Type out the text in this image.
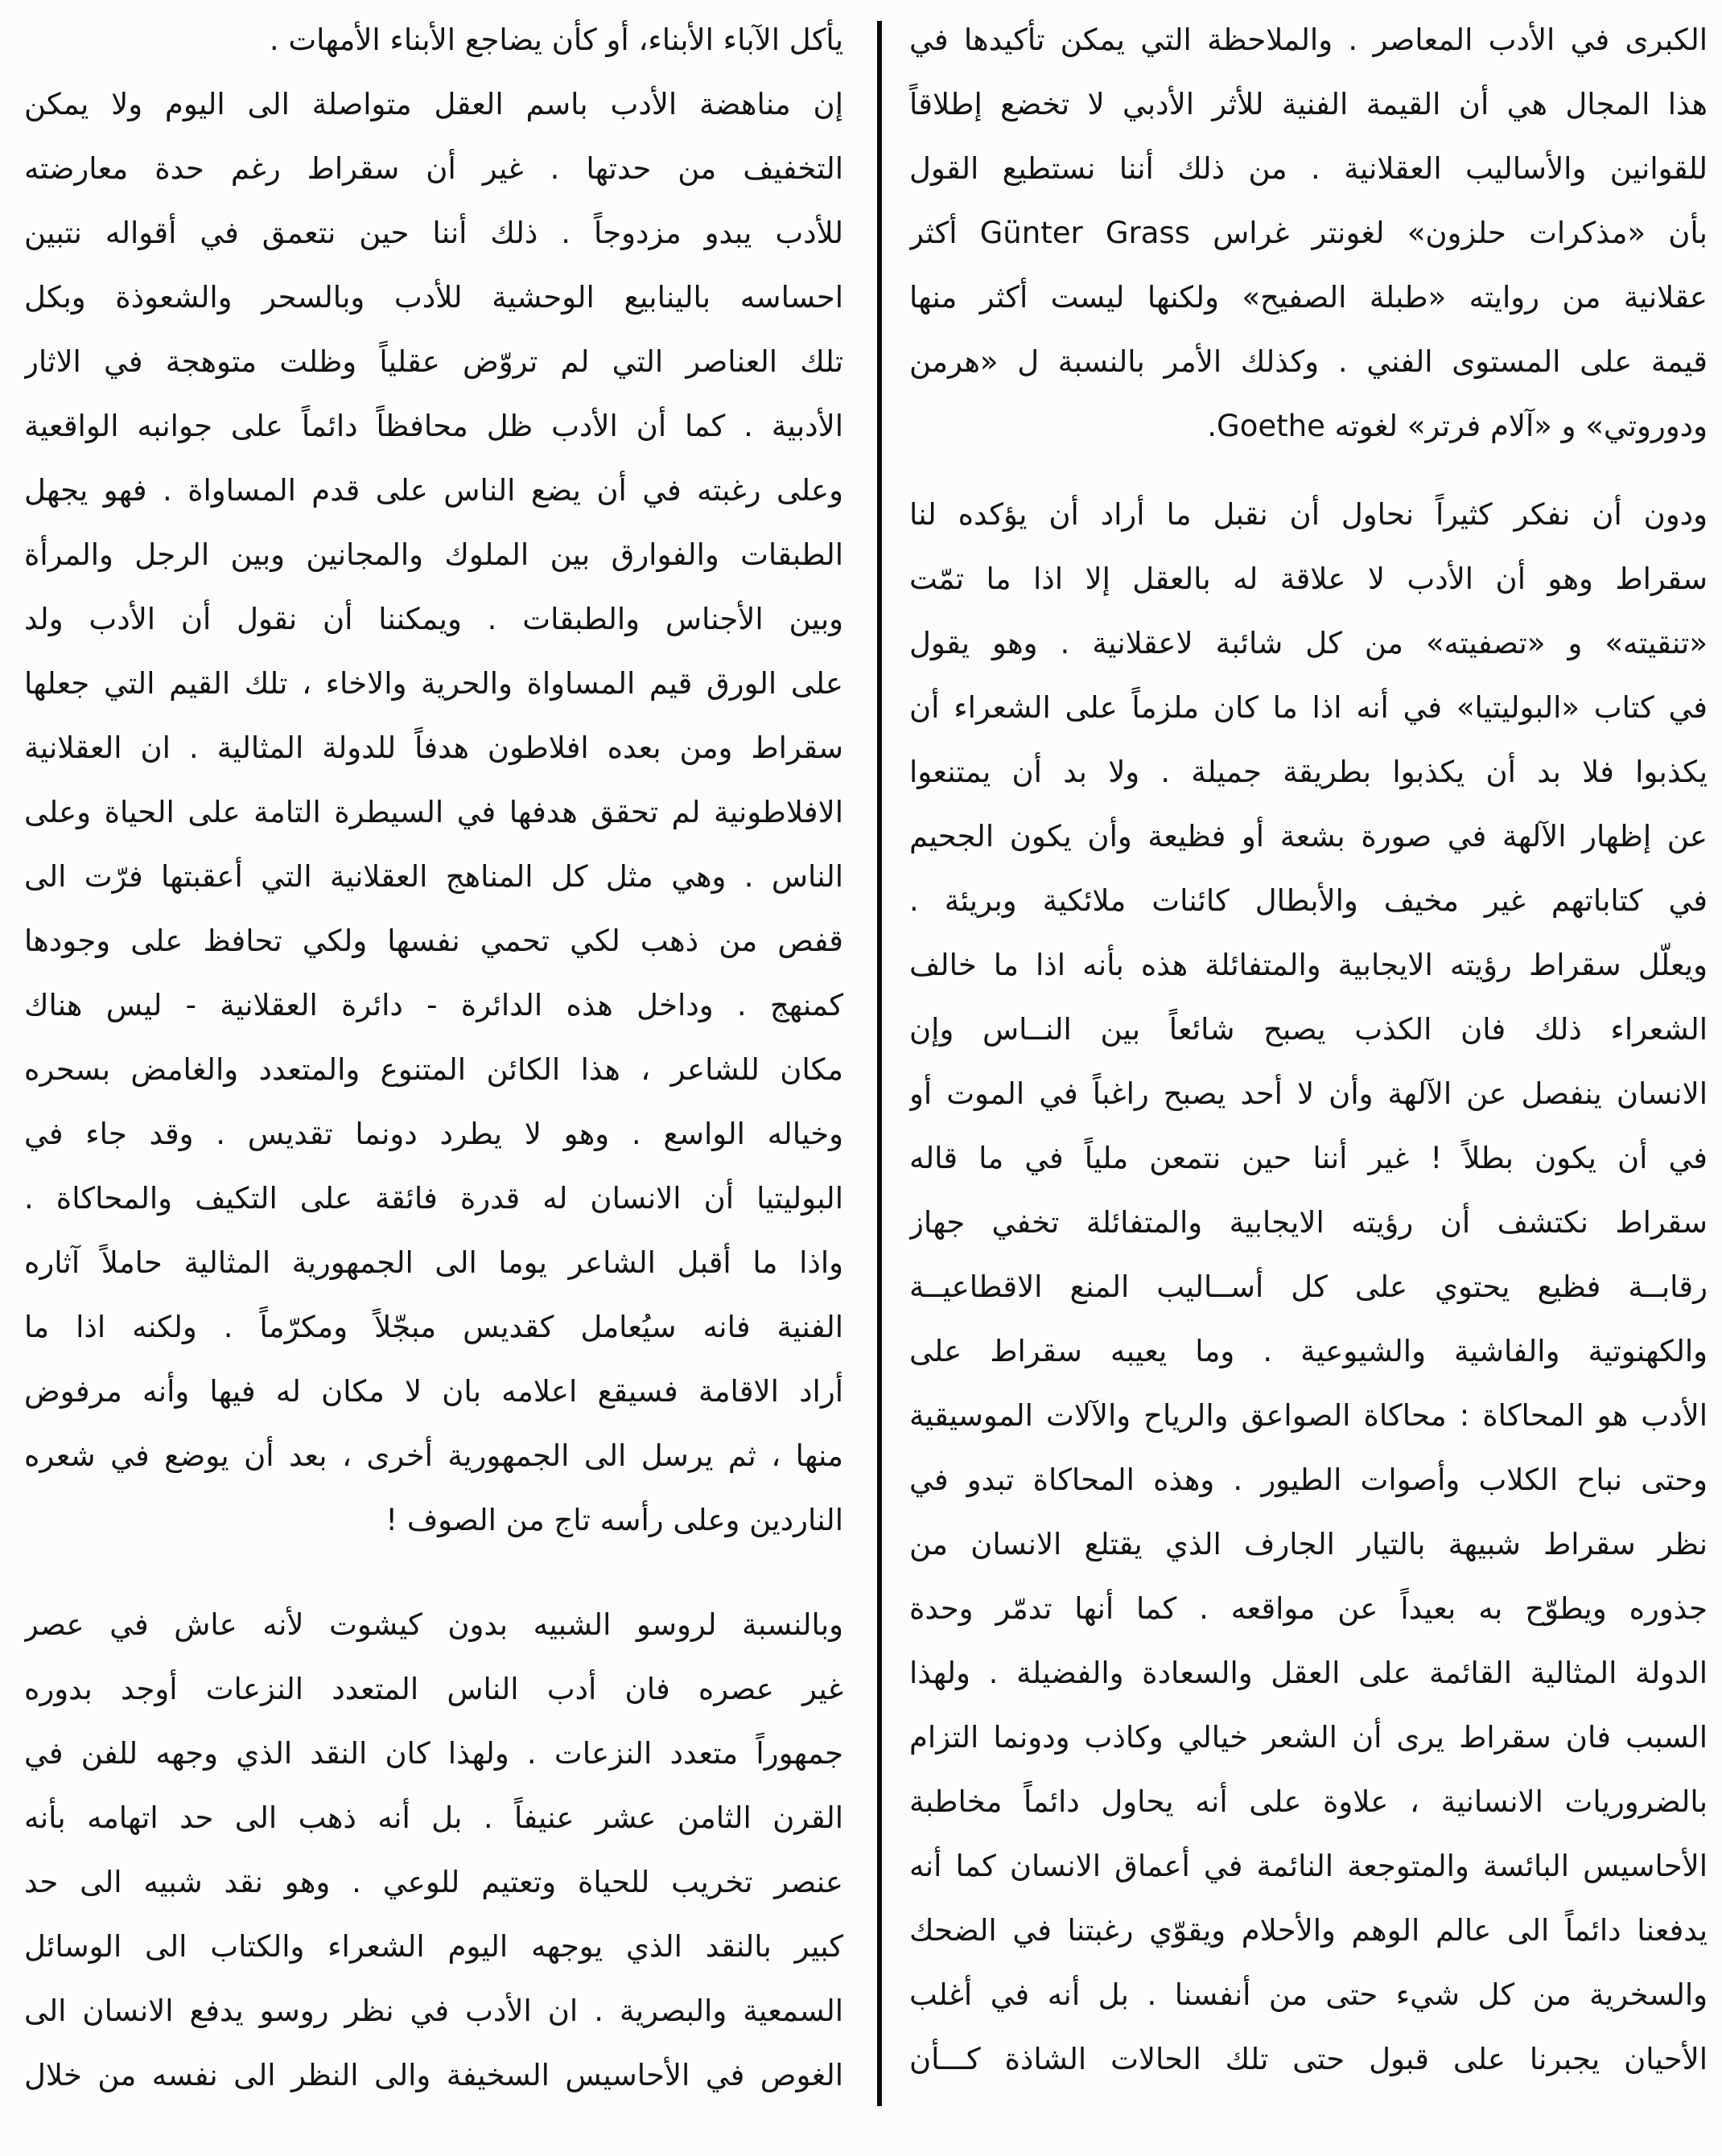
الكبرى في الأدب المعاصر . والملاحظة التي يمكن تأكيدها في
هذا المجال هي أن القيمة الفنية للأثر الأدبي لا تخضع إطلاقاً
للقوانين والأساليب العقلانية . من ذلك أننا نستطيع القول
بأن «مذكرات حلزون» لغونتر غراس Günter Grass أكثر
عقلانية من روايته «طبلة الصفيح» ولكنها ليست أكثر منها
قيمة على المستوى الفني . وكذلك الأمر بالنسبة ل «هرمن
ودوروتي» و «آلام فرتر» لغوته Goethe.
ودون أن نفكر كثيراً نحاول أن نقبل ما أراد أن يؤكده لنا
سقراط وهو أن الأدب لا علاقة له بالعقل إلا اذا ما تمّت
«تنقيته» و «تصفيته» من كل شائبة لاعقلانية . وهو يقول
في كتاب «البوليتيا» في أنه اذا ما كان ملزماً على الشعراء أن
يكذبوا فلا بد أن يكذبوا بطريقة جميلة . ولا بد أن يمتنعوا
عن إظهار الآلهة في صورة بشعة أو فظيعة وأن يكون الجحيم
في كتاباتهم غير مخيف والأبطال كائنات ملائكية وبريئة .
ويعلّل سقراط رؤيته الايجابية والمتفائلة هذه بأنه اذا ما خالف
الشعراء ذلك فان الكذب يصبح شائعاً بين النــاس وإن
الانسان ينفصل عن الآلهة وأن لا أحد يصبح راغباً في الموت أو
في أن يكون بطلاً ! غير أننا حين نتمعن ملياً في ما قاله
سقراط نكتشف أن رؤيته الايجابية والمتفائلة تخفي جهاز
رقابــة فظيع يحتوي على كل أســاليب المنع الاقطاعيــة
والكهنوتية والفاشية والشيوعية . وما يعيبه سقراط على
الأدب هو المحاكاة : محاكاة الصواعق والرياح والآلات الموسيقية
وحتى نباح الكلاب وأصوات الطيور . وهذه المحاكاة تبدو في
نظر سقراط شبيهة بالتيار الجارف الذي يقتلع الانسان من
جذوره ويطوّح به بعيداً عن مواقعه . كما أنها تدمّر وحدة
الدولة المثالية القائمة على العقل والسعادة والفضيلة . ولهذا
السبب فان سقراط يرى أن الشعر خيالي وكاذب ودونما التزام
بالضروريات الانسانية ، علاوة على أنه يحاول دائماً مخاطبة
الأحاسيس البائسة والمتوجعة النائمة في أعماق الانسان كما أنه
يدفعنا دائماً الى عالم الوهم والأحلام ويقوّي رغبتنا في الضحك
والسخرية من كل شيء حتى من أنفسنا . بل أنه في أغلب
الأحيان يجبرنا على قبول حتى تلك الحالات الشاذة كـــأن
يأكل الآباء الأبناء، أو كأن يضاجع الأبناء الأمهات .
إن مناهضة الأدب باسم العقل متواصلة الى اليوم ولا يمكن
التخفيف من حدتها . غير أن سقراط رغم حدة معارضته
للأدب يبدو مزدوجاً . ذلك أننا حين نتعمق في أقواله نتبين
احساسه بالينابيع الوحشية للأدب وبالسحر والشعوذة وبكل
تلك العناصر التي لم تروّض عقلياً وظلت متوهجة في الاثار
الأدبية . كما أن الأدب ظل محافظاً دائماً على جوانبه الواقعية
وعلى رغبته في أن يضع الناس على قدم المساواة . فهو يجهل
الطبقات والفوارق بين الملوك والمجانين وبين الرجل والمرأة
وبين الأجناس والطبقات . ويمكننا أن نقول أن الأدب ولد
على الورق قيم المساواة والحرية والاخاء ، تلك القيم التي جعلها
سقراط ومن بعده افلاطون هدفاً للدولة المثالية . ان العقلانية
الافلاطونية لم تحقق هدفها في السيطرة التامة على الحياة وعلى
الناس . وهي مثل كل المناهج العقلانية التي أعقبتها فرّت الى
قفص من ذهب لكي تحمي نفسها ولكي تحافظ على وجودها
كمنهج . وداخل هذه الدائرة - دائرة العقلانية - ليس هناك
مكان للشاعر ، هذا الكائن المتنوع والمتعدد والغامض بسحره
وخياله الواسع . وهو لا يطرد دونما تقديس . وقد جاء في
البوليتيا أن الانسان له قدرة فائقة على التكيف والمحاكاة .
واذا ما أقبل الشاعر يوما الى الجمهورية المثالية حاملاً آثاره
الفنية فانه سيُعامل كقديس مبجّلاً ومكرّماً . ولكنه اذا ما
أراد الاقامة فسيقع اعلامه بان لا مكان له فيها وأنه مرفوض
منها ، ثم يرسل الى الجمهورية أخرى ، بعد أن يوضع في شعره
الناردين وعلى رأسه تاج من الصوف !
وبالنسبة لروسو الشبيه بدون كيشوت لأنه عاش في عصر
غير عصره فان أدب الناس المتعدد النزعات أوجد بدوره
جمهوراً متعدد النزعات . ولهذا كان النقد الذي وجهه للفن في
القرن الثامن عشر عنيفاً . بل أنه ذهب الى حد اتهامه بأنه
عنصر تخريب للحياة وتعتيم للوعي . وهو نقد شبيه الى حد
كبير بالنقد الذي يوجهه اليوم الشعراء والكتاب الى الوسائل
السمعية والبصرية . ان الأدب في نظر روسو يدفع الانسان الى
الغوص في الأحاسيس السخيفة والى النظر الى نفسه من خلال
